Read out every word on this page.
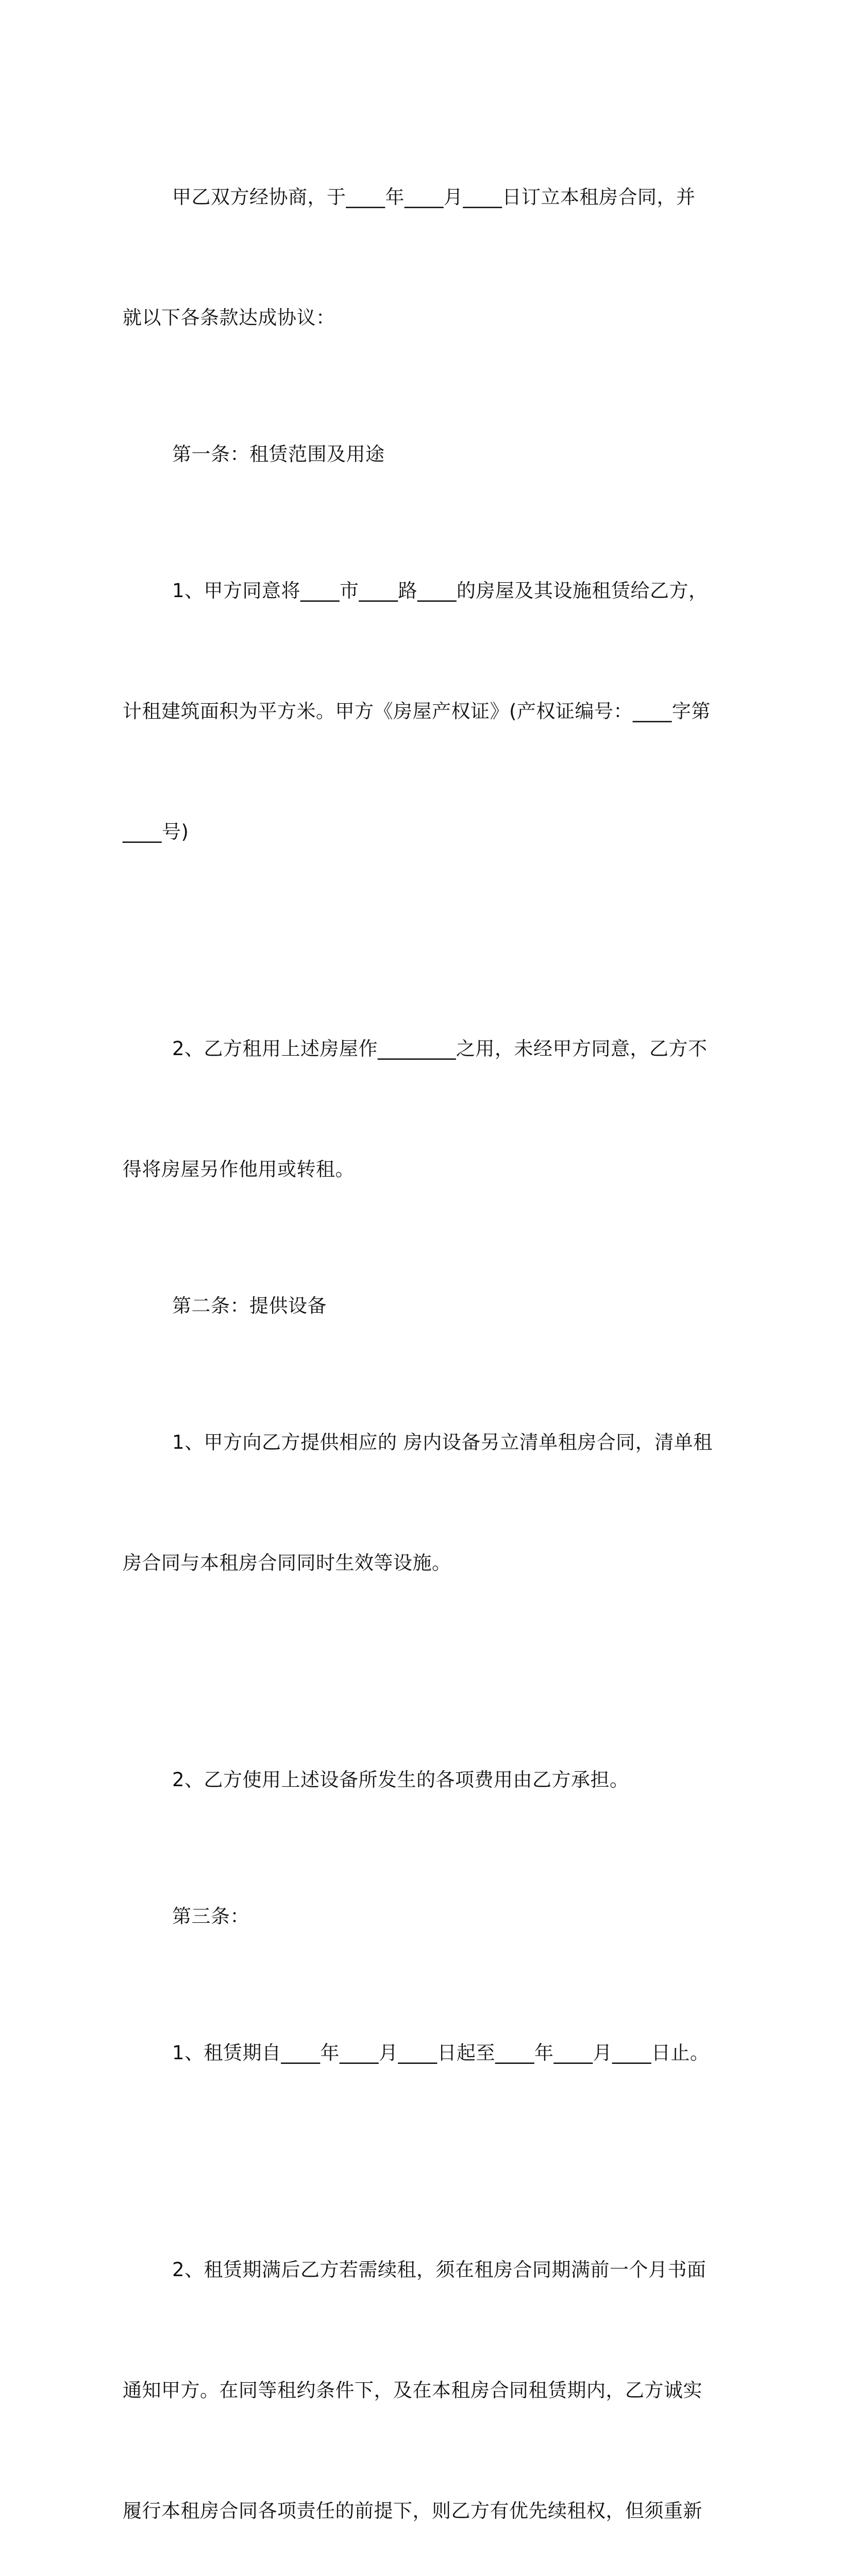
甲乙双方经协商，于____年____月____日订立本租房合同，并

就以下各条款达成协议：

第一条：租赁范围及用途

1、甲方同意将____市____路____的房屋及其设施租赁给乙方，

计租建筑面积为平方米。甲方《房屋产权证》(产权证编号：____字第

____号)

2、乙方租用上述房屋作________之用，未经甲方同意，乙方不

得将房屋另作他用或转租。

第二条：提供设备

1、甲方向乙方提供相应的 房内设备另立清单租房合同，清单租

房合同与本租房合同同时生效等设施。

2、乙方使用上述设备所发生的各项费用由乙方承担。

第三条：

1、租赁期自____年____月____日起至____年____月____日止。

2、租赁期满后乙方若需续租，须在租房合同期满前一个月书面

通知甲方。在同等租约条件下，及在本租房合同租赁期内，乙方诚实

履行本租房合同各项责任的前提下，则乙方有优先续租权，但须重新
